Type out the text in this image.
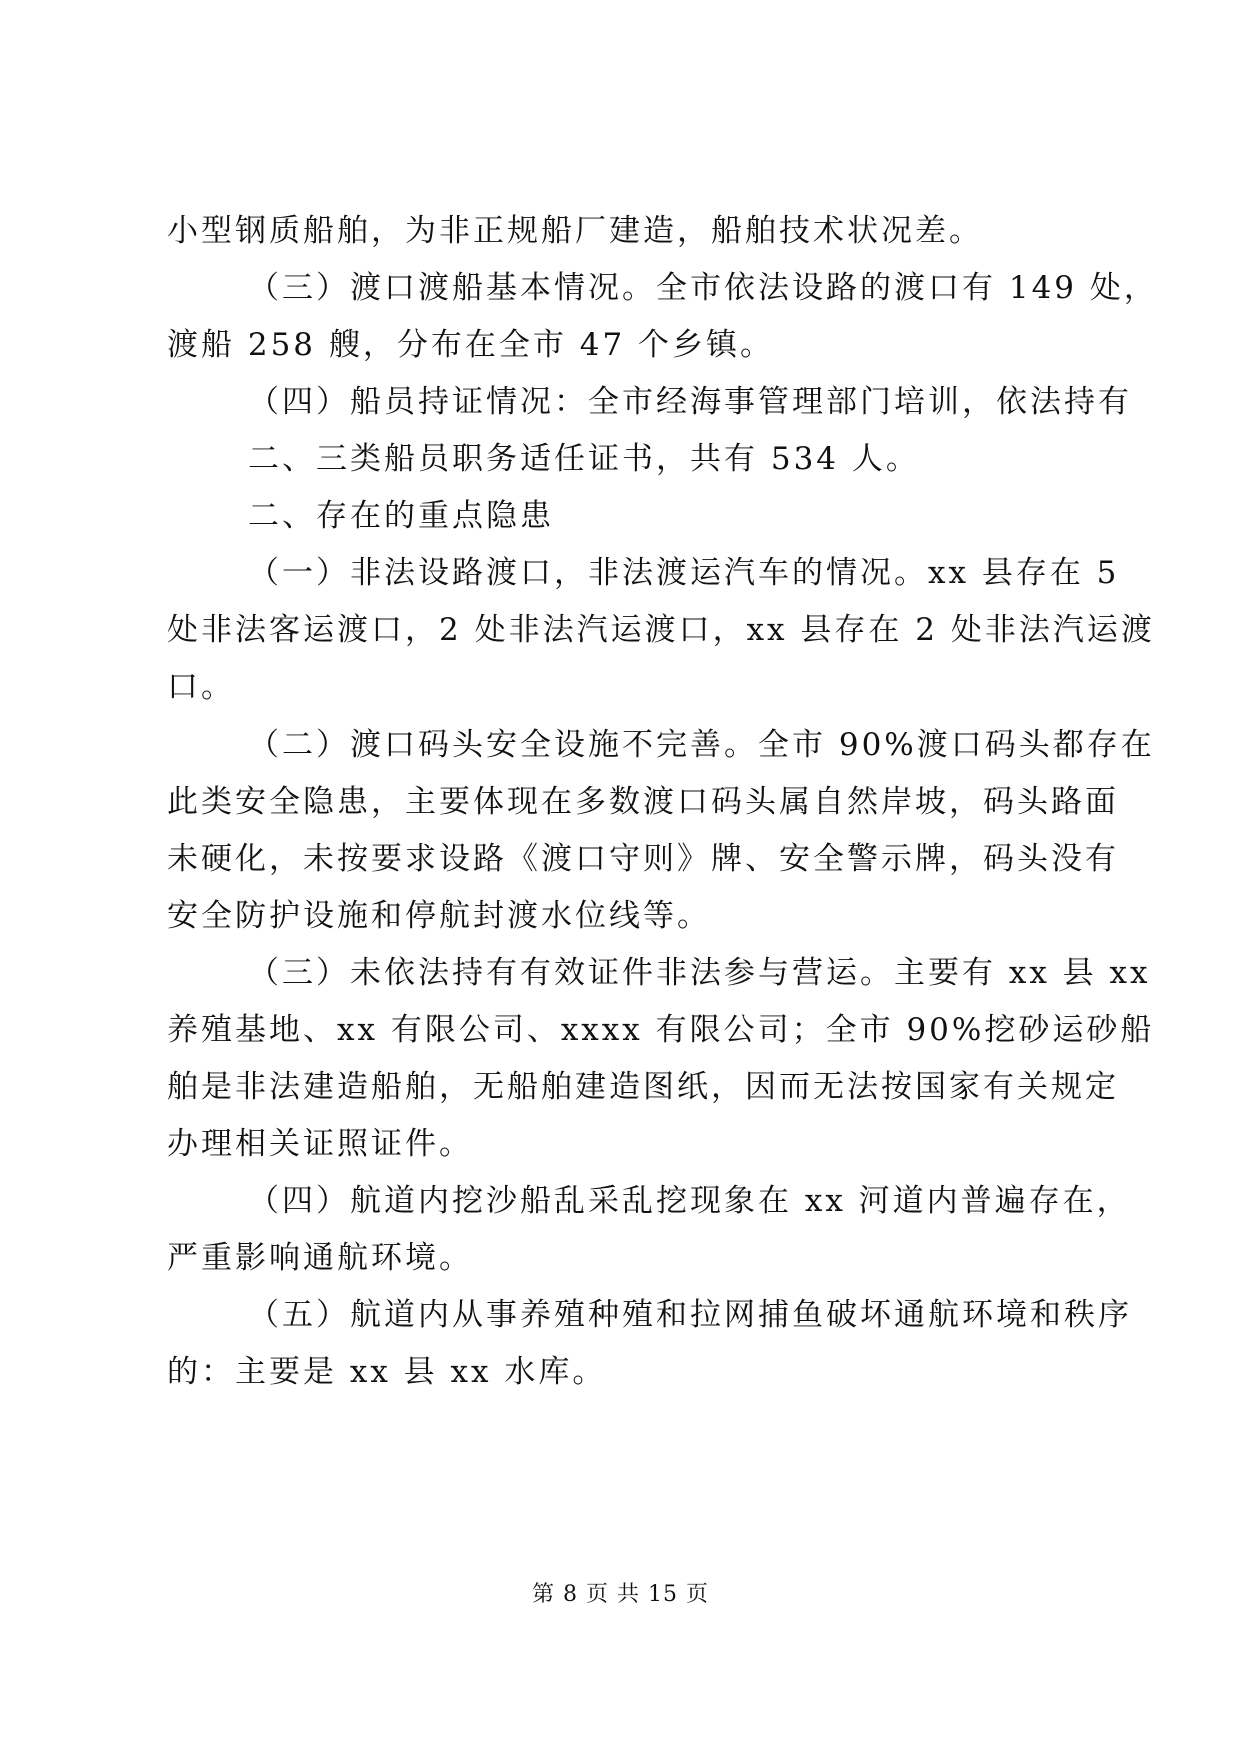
小型钢质船舶，为非正规船厂建造，船舶技术状况差。
（三）渡口渡船基本情况。全市依法设路的渡口有 149 处，
渡船 258 艘，分布在全市 47 个乡镇。
（四）船员持证情况：全市经海事管理部门培训，依法持有
二、三类船员职务适任证书，共有 534 人。
二、存在的重点隐患
（一）非法设路渡口，非法渡运汽车的情况。xx 县存在 5
处非法客运渡口，2 处非法汽运渡口，xx 县存在 2 处非法汽运渡
口。
（二）渡口码头安全设施不完善。全市 90%渡口码头都存在
此类安全隐患，主要体现在多数渡口码头属自然岸坡，码头路面
未硬化，未按要求设路《渡口守则》牌、安全警示牌，码头没有
安全防护设施和停航封渡水位线等。
（三）未依法持有有效证件非法参与营运。主要有 xx 县 xx
养殖基地、xx 有限公司、xxxx 有限公司；全市 90%挖砂运砂船
舶是非法建造船舶，无船舶建造图纸，因而无法按国家有关规定
办理相关证照证件。
（四）航道内挖沙船乱采乱挖现象在 xx 河道内普遍存在，
严重影响通航环境。
（五）航道内从事养殖种殖和拉网捕鱼破坏通航环境和秩序
的：主要是 xx 县 xx 水库。
第 8 页 共 15 页
